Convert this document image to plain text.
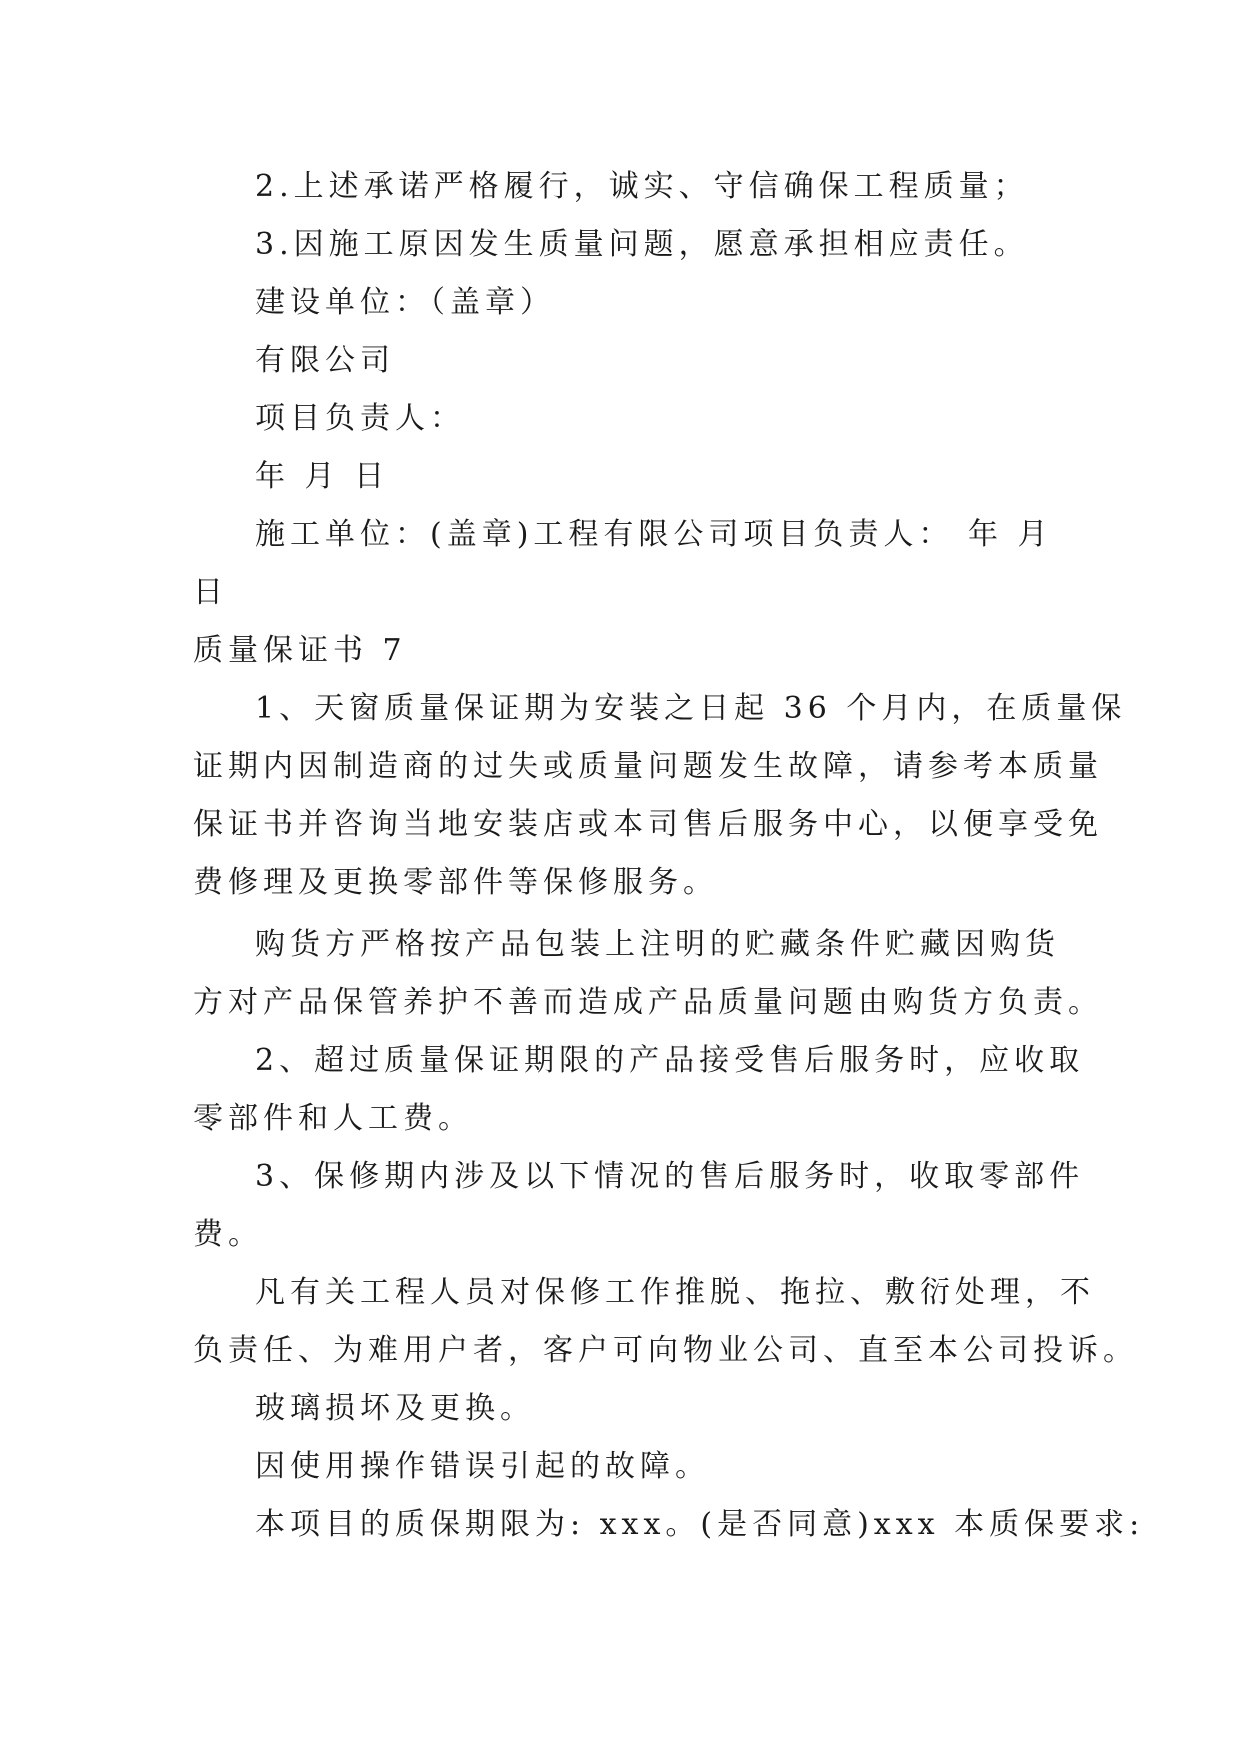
2.上述承诺严格履行，诚实、守信确保工程质量；
3.因施工原因发生质量问题，愿意承担相应责任。
建设单位：（盖章）
有限公司
项目负责人：
年 月 日
施工单位：(盖章)工程有限公司项目负责人： 年 月
日
质量保证书 7
1、天窗质量保证期为安装之日起 36 个月内，在质量保
证期内因制造商的过失或质量问题发生故障，请参考本质量
保证书并咨询当地安装店或本司售后服务中心，以便享受免
费修理及更换零部件等保修服务。
购货方严格按产品包装上注明的贮藏条件贮藏因购货
方对产品保管养护不善而造成产品质量问题由购货方负责。
2、超过质量保证期限的产品接受售后服务时，应收取
零部件和人工费。
3、保修期内涉及以下情况的售后服务时，收取零部件
费。
凡有关工程人员对保修工作推脱、拖拉、敷衍处理，不
负责任、为难用户者，客户可向物业公司、直至本公司投诉。
玻璃损坏及更换。
因使用操作错误引起的故障。
本项目的质保期限为: xxx。(是否同意)xxx 本质保要求:
